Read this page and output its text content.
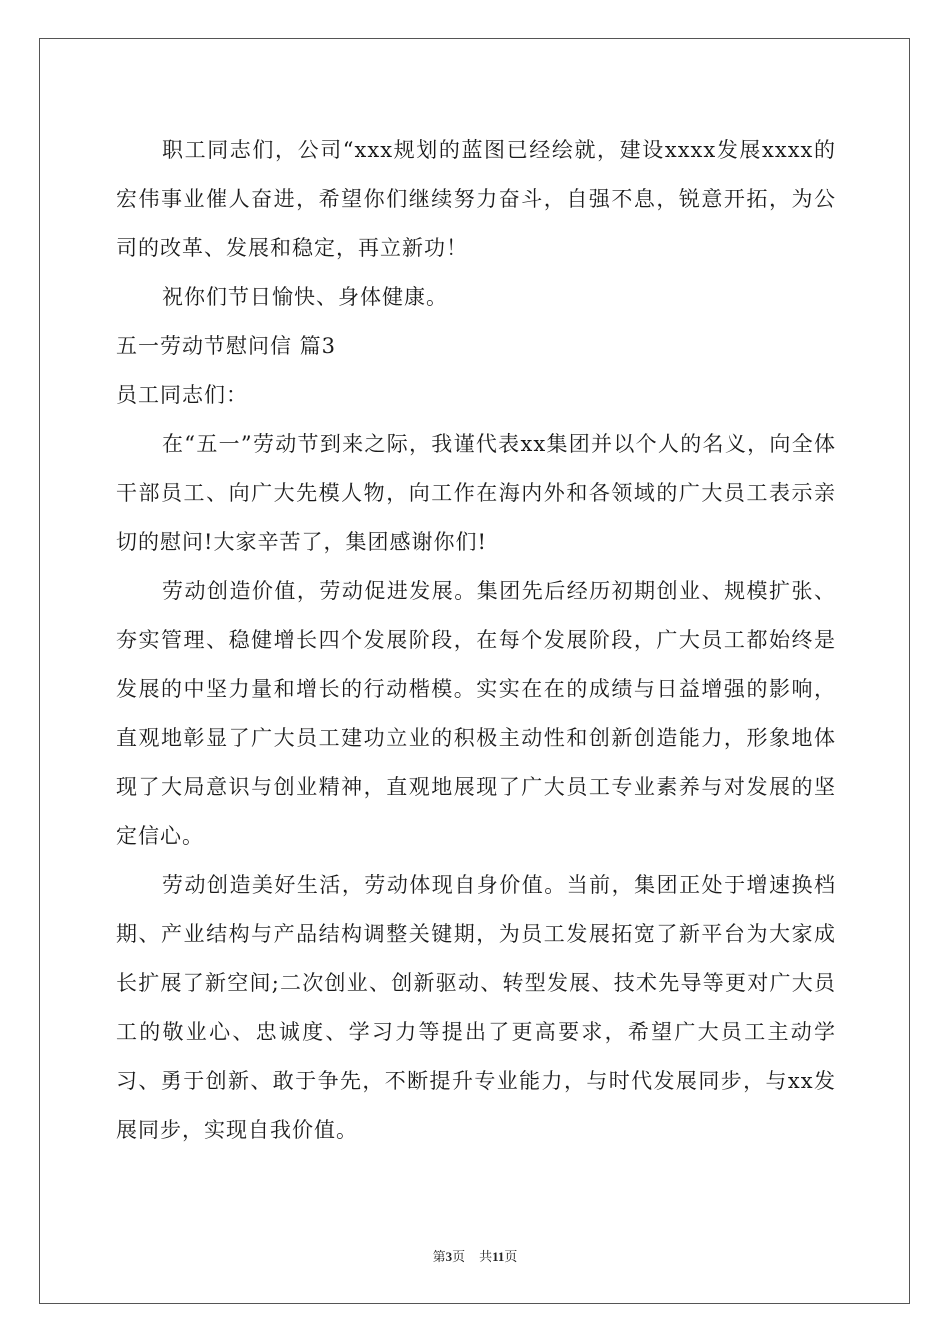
职工同志们，公司“xxx规划的蓝图已经绘就，建设xxxx发展xxxx的宏伟事业催人奋进，希望你们继续努力奋斗，自强不息，锐意开拓，为公司的改革、发展和稳定，再立新功！

祝你们节日愉快、身体健康。

五一劳动节慰问信 篇3

员工同志们：

在“五一”劳动节到来之际，我谨代表xx集团并以个人的名义，向全体干部员工、向广大先模人物，向工作在海内外和各领域的广大员工表示亲切的慰问!大家辛苦了，集团感谢你们!

劳动创造价值，劳动促进发展。集团先后经历初期创业、规模扩张、夯实管理、稳健增长四个发展阶段，在每个发展阶段，广大员工都始终是发展的中坚力量和增长的行动楷模。实实在在的成绩与日益增强的影响，直观地彰显了广大员工建功立业的积极主动性和创新创造能力，形象地体现了大局意识与创业精神，直观地展现了广大员工专业素养与对发展的坚定信心。

劳动创造美好生活，劳动体现自身价值。当前，集团正处于增速换档期、产业结构与产品结构调整关键期，为员工发展拓宽了新平台为大家成长扩展了新空间;二次创业、创新驱动、转型发展、技术先导等更对广大员工的敬业心、忠诚度、学习力等提出了更高要求，希望广大员工主动学习、勇于创新、敢于争先，不断提升专业能力，与时代发展同步，与xx发展同步，实现自我价值。

第3页 共11页
